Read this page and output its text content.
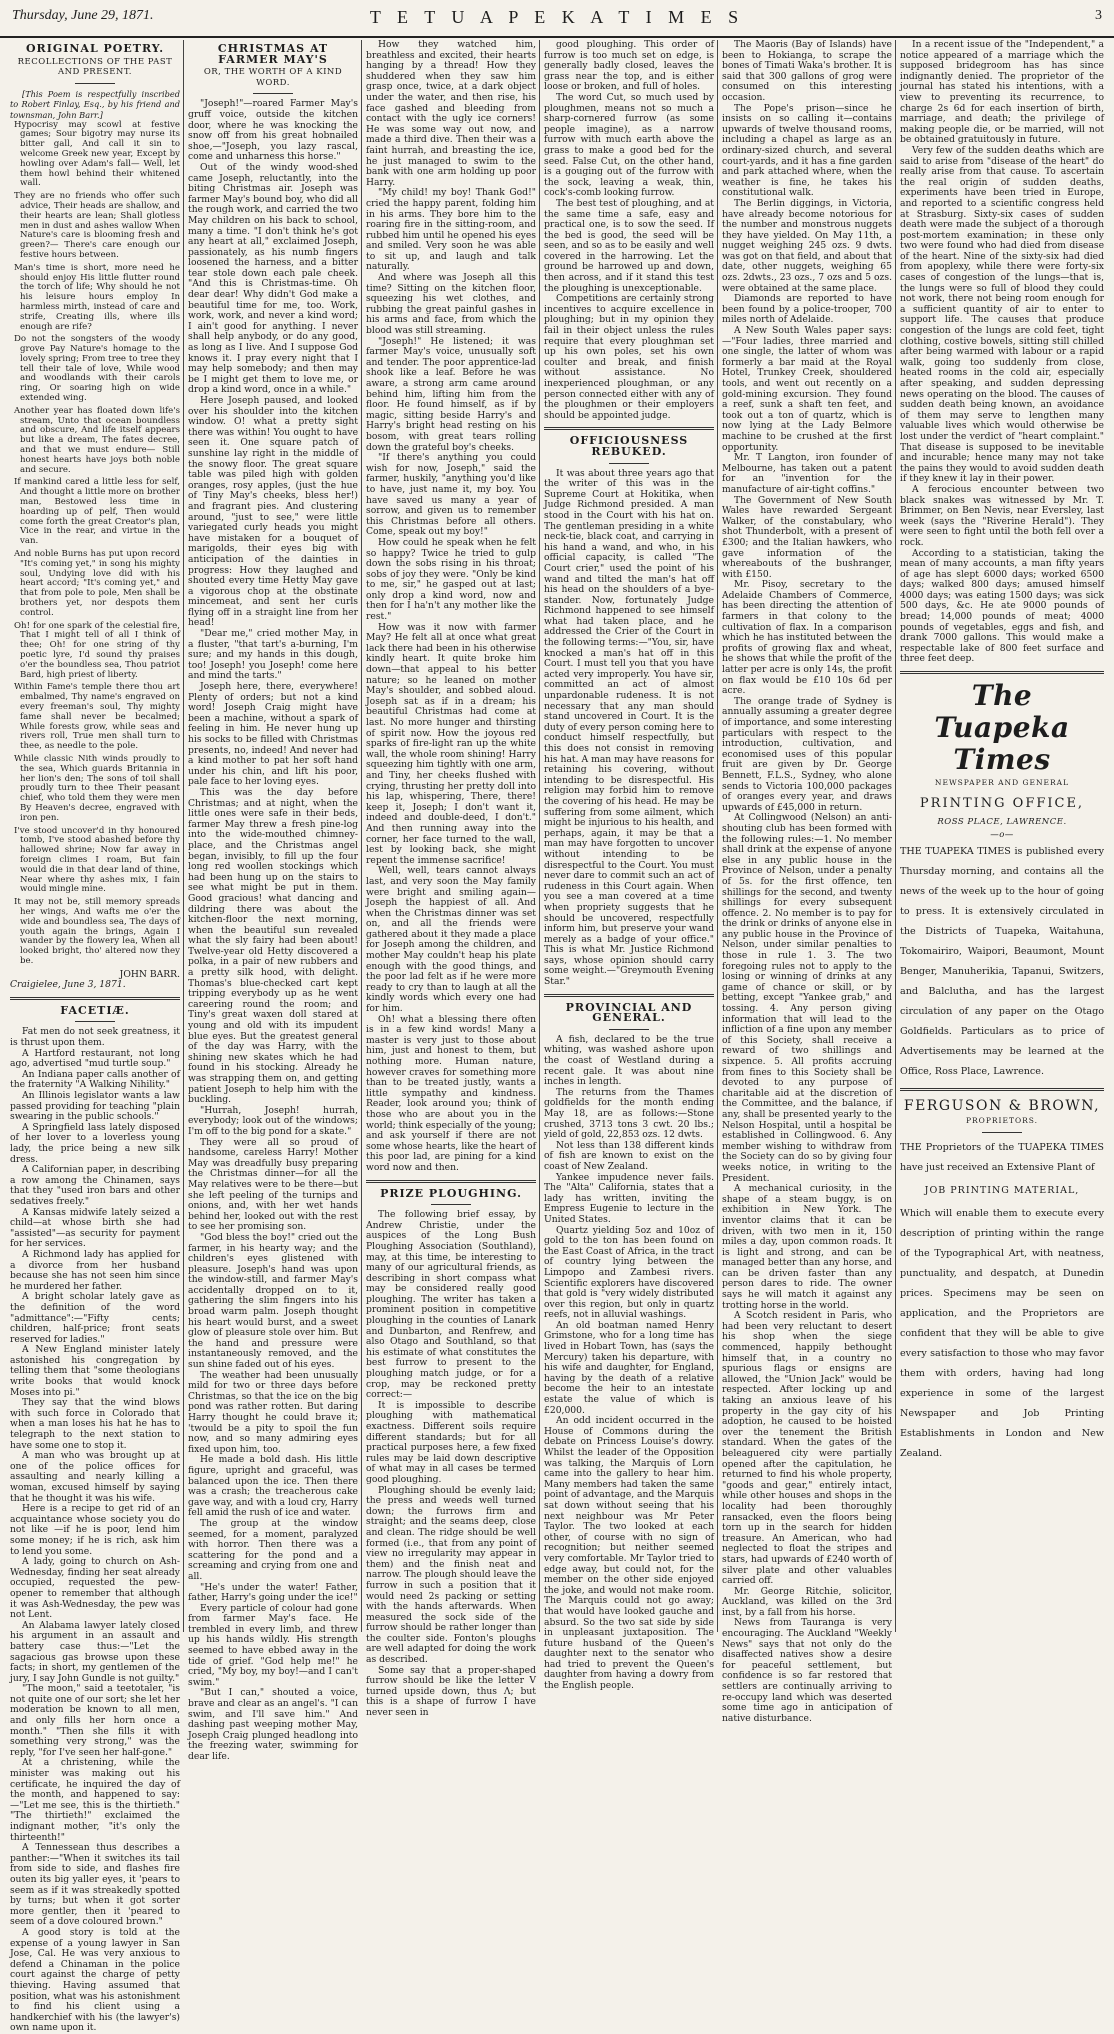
Thursday, June 29, 1871.	T E T U A P E K A T I M E S	3
ORIGINAL POETRY.
RECOLLECTIONS OF THE PAST AND PRESENT.

[This Poem is respectfully inscribed to Robert Finlay, Esq., by his friend and townsman, John Barr.]

Hypocrisy may scowl at festive games; Sour bigotry may nurse its bitter gall, And call it sin to welcome Greek new year, Except by howling over Adam's fall— Well, let them howl behind their whitened wall.

They are no friends who offer such advice, Their heads are shallow, and their hearts are lean; Shall glotless men in dust and ashes wallow When Nature's care is blooming fresh and green?— There's care enough our festive hours between.

Man's time is short, more need he should enjoy His little flutter round the torch of life; Why should he not his leisure hours employ In harmless mirth, instead of care and strife, Creating ills, where ills enough are rife?

Do not the songsters of the woody grove Pay Nature's homage to the lovely spring; From tree to tree they tell their tale of love, While wood and woodlands with their carols ring, Or soaring high on wide extended wing.

Another year has floated down life's stream, Unto that ocean boundless and obscure, And life itself appears but like a dream, The fates decree, and that we must endure— Still honest hearts have joys both noble and secure.

If mankind cared a little less for self, And thought a little more on brother man, Bestowed less time in hoarding up of pelf, Then would come forth the great Creator's plan, Vice in the rear, and virtue in the van.

And noble Burns has put upon record "It's coming yet," in song his mighty soul, Undying love did with his heart accord; "It's coming yet," and that from pole to pole, Men shall be brothers yet, nor despots them control.

Oh! for one spark of the celestial fire, That I might tell of all I think of thee; Oh! for one string of thy poetic lyre, I'd sound thy praises o'er the boundless sea, Thou patriot Bard, high priest of liberty.

Within Fame's temple there thou art embalmed, Thy name's engraved on every freeman's soul, Thy mighty fame shall never be becalmed; While forests grow, while seas and rivers roll, True men shall turn to thee, as needle to the pole.

While classic Nith winds proudly to the sea, Which guards Britannia in her lion's den; The sons of toil shall proudly turn to thee Their peasant chief, who told them they were men By Heaven's decree, engraved with iron pen.

I've stood uncover'd in thy honoured tomb, I've stood abashed before thy hallowed shrine; Now far away in foreign climes I roam, But fain would die in that dear land of thine, Near where thy ashes mix, I fain would mingle mine.

It may not be, still memory spreads her wings, And wafts me o'er the wide and boundless sea, The days of youth again the brings, Again I wander by the flowery lea, When all looked bright, tho' altered now they be.

JOHN BARR.

Craigielee, June 3, 1871.

FACETIÆ.

Fat men do not seek greatness, it is thrust upon them.

A Hartford restaurant, not long ago, advertised "mud turtle soup."

An Indiana paper calls another of the fraternity "A Walking Nihility."

An Illinois legislator wants a law passed providing for teaching "plain swearing in the public schools."

A Springfield lass lately disposed of her lover to a loverless young lady, the price being a new silk dress.

A Californian paper, in describing a row among the Chinamen, says that they "used iron bars and other sedatives freely."

A Kansas midwife lately seized a child—at whose birth she had "assisted"—as security for payment for her services.

A Richmond lady has applied for a divorce from her husband because she has not seen him since he murdered her father.

A bright scholar lately gave as the definition of the word "admittance":—"Fifty cents; children, half-price; front seats reserved for ladies."

A New England minister lately astonished his congregation by telling them that "some theologians write books that would knock Moses into pi."

They say that the wind blows with such force in Colorado that when a man loses his hat he has to telegraph to the next station to have some one to stop it.

A man who was brought up at one of the police offices for assaulting and nearly killing a woman, excused himself by saying that he thought it was his wife.

Here is a recipe to get rid of an acquaintance whose society you do not like —if he is poor, lend him some money; if he is rich, ask him to lend you some.

A lady, going to church on Ash-Wednesday, finding her seat already occupied, requested the pew-opener to remember that although it was Ash-Wednesday, the pew was not Lent.

An Alabama lawyer lately closed his argument in an assault and battery case thus:—"Let the sagacious gas browse upon these facts; in short, my gentlemen of the jury, I say John Gundle is not guilty."

"The moon," said a teetotaler, "is not quite one of our sort; she let her moderation be known to all men, and only fills her horn once a month." "Then she fills it with something very strong," was the reply, "for I've seen her half-gone."

At a christening, while the minister was making out his certificate, he inquired the day of the month, and happened to say:—"Let me see, this is the thirtieth." "The thirtieth!" exclaimed the indignant mother, "it's only the thirteenth!"

A Tennessean thus describes a panther:—"When it switches its tail from side to side, and flashes fire outen its big yaller eyes, it 'pears to seem as if it was streakedly spotted by turns; but when it got sorter more gentler, then it 'peared to seem of a dove coloured brown."

A good story is told at the expense of a young lawyer in San Jose, Cal. He was very anxious to defend a Chinaman in the police court against the charge of petty thieving. Having assumed that position, what was his astonishment to find his client using a handkerchief with his (the lawyer's) own name upon it.

CHRISTMAS AT FARMER MAY'S
OR, THE WORTH OF A KIND WORD.

"Joseph!"—roared Farmer May's gruff voice, outside the kitchen door, where he was knocking the snow off from his great hobnailed shoe,—"Joseph, you lazy rascal, come and unharness this horse."

Out of the windy wood-shed came Joseph, reluctantly, into the biting Christmas air. Joseph was farmer May's bound boy, who did all the rough work, and carried the two May children on his back to school, many a time. "I don't think he's got any heart at all," exclaimed Joseph, passionately, as his numb fingers loosened the harness, and a bitter tear stole down each pale cheek. "And this is Christmas-time. Oh dear dear! Why didn't God make a beautiful time for me, too. Work, work, work, and never a kind word; I ain't good for anything. I never shall help anybody, or do any good, as long as I live. And I suppose God knows it. I pray every night that I may help somebody; and then may be I might get them to love me, or drop a kind word, once in a while."

Here Joseph paused, and looked over his shoulder into the kitchen window. O! what a pretty sight there was within! You ought to have seen it. One square patch of sunshine lay right in the middle of the snowy floor. The great square table was piled high with golden oranges, rosy apples, (just the hue of Tiny May's cheeks, bless her!) and fragrant pies. And clustering around, "just to see," were little variegated curly heads you might have mistaken for a bouquet of marigolds, their eyes big with anticipation of the dainties in progress: How they laughed and shouted every time Hetty May gave a vigorous chop at the obstinate mincemeat, and sent her curls flying off in a straight line from her head!

"Dear me," cried mother May, in a fluster, "that tart's a-burning, I'm sure; and my hands in this dough, too! Joseph! you Joseph! come here and mind the tarts."

Joseph here, there, everywhere! Plenty of orders; but not a kind word! Joseph Craig might have been a machine, without a spark of feeling in him. He never hung up his socks to be filled with Christmas presents, no, indeed! And never had a kind mother to pat her soft hand under his chin, and lift his poor, pale face to her loving eyes.

This was the day before Christmas; and at night, when the little ones were safe in their beds, farmer May threw a fresh pine-log into the wide-mouthed chimney-place, and the Christmas angel began, invisibly, to fill up the four long red woollen stockings which had been hung up on the stairs to see what might be put in them. Good gracious! what dancing and dildring there was about the kitchen-floor the next morning, when the beautiful sun revealed what the sly fairy had been about! Twelve-year old Hetty discovered a polka, in a pair of new rubbers and a pretty silk hood, with delight. Thomas's blue-checked cart kept tripping everybody up as he went careering round the room; and Tiny's great waxen doll stared at young and old with its impudent blue eyes. But the greatest general of the day was Harry, with the shining new skates which he had found in his stocking. Already he was strapping them on, and getting patient Joseph to help him with the buckling.

"Hurrah, Joseph! hurrah, everybody; look out of the windows; I'm off to the big pond for a skate."

They were all so proud of handsome, careless Harry! Mother May was dreadfully busy preparing the Christmas dinner—for all the May relatives were to be there—but she left peeling of the turnips and onions, and, with her wet hands behind her, looked out with the rest to see her promising son.

"God bless the boy!" cried out the farmer, in his hearty way; and the children's eyes glistened with pleasure. Joseph's hand was upon the window-still, and farmer May's accidentally dropped on to it, gathering the slim fingers into his broad warm palm. Joseph thought his heart would burst, and a sweet glow of pleasure stole over him. But the hand and pressure were instantaneously removed, and the sun shine faded out of his eyes.

The weather had been unusually mild for two or three days before Christmas, so that the ice on the big pond was rather rotten. But daring Harry thought he could brave it; 'twould be a pity to spoil the fun now, and so many admiring eyes fixed upon him, too.

He made a bold dash. His little figure, upright and graceful, was balanced upon the ice. Then there was a crash; the treacherous cake gave way, and with a loud cry, Harry fell amid the rush of ice and water.

The group at the window seemed, for a moment, paralyzed with horror. Then there was a scattering for the pond and a screaming and crying from one and all.

"He's under the water! Father, father, Harry's going under the ice!"

Every particle of colour had gone from farmer May's face. He trembled in every limb, and threw up his hands wildly. His strength seemed to have ebbed away in the tide of grief. "God help me!" he cried, "My boy, my boy!—and I can't swim."

"But I can," shouted a voice, brave and clear as an angel's. "I can swim, and I'll save him." And dashing past weeping mother May, Joseph Craig plunged headlong into the freezing water, swimming for dear life.

How they watched him, breathless and excited, their hearts hanging by a thread! How they shuddered when they saw him grasp once, twice, at a dark object under the water, and then rise, his face gashed and bleeding from contact with the ugly ice corners! He was some way out now, and made a third dive. Then their was a faint hurrah, and breasting the ice, he just managed to swim to the bank with one arm holding up poor Harry.

"My child! my boy! Thank God!" cried the happy parent, folding him in his arms. They bore him to the roaring fire in the sitting-room, and rubbed him until he opened his eyes and smiled. Very soon he was able to sit up, and laugh and talk naturally.

And where was Joseph all this time? Sitting on the kitchen floor, squeezing his wet clothes, and rubbing the great painful gashes in his arms and face, from which the blood was still streaming.

"Joseph!" He listened; it was farmer May's voice, unusually soft and tender. The poor apprentice-lad shook like a leaf. Before he was aware, a strong arm came around behind him, lifting him from the floor. He found himself, as if by magic, sitting beside Harry's and Harry's bright head resting on his bosom, with great tears rolling down the grateful boy's cheeks.

"If there's anything you could wish for now, Joseph," said the farmer, huskily, "anything you'd like to have, just name it, my boy. You have saved us many a year of sorrow, and given us to remember this Christmas before all others. Come, speak out my boy!"

How could he speak when he felt so happy? Twice he tried to gulp down the sobs rising in his throat; sobs of joy they were. "Only be kind to me, sir," he gasped out at last; only drop a kind word, now and then for I ha'n't any mother like the rest."

How was it now with farmer May? He felt all at once what great lack there had been in his otherwise kindly heart. It quite broke him down—that appeal to his better nature; so he leaned on mother May's shoulder, and sobbed aloud. Joseph sat as if in a dream; his beautiful Christmas had come at last. No more hunger and thirsting of spirit now. How the joyous red sparks of fire-light ran up the white wall, the whole room shining! Harry squeezing him tightly with one arm, and Tiny, her cheeks flushed with crying, thrusting her pretty doll into his lap, whispering, There, there! keep it, Joseph; I don't want it, indeed and double-deed, I don't." And then running away into the corner, her face turned to the wall, lest by looking back, she might repent the immense sacrifice!

Well, well, tears cannot always last, and very soon the May family were bright and smiling again—Joseph the happiest of all. And when the Christmas dinner was set on, and all the friends were gathered about it they made a place for Joseph among the children, and mother May couldn't heap his plate enough with the good things, and the poor lad felt as if he were more ready to cry than to laugh at all the kindly words which every one had for him.

Oh! what a blessing there often is in a few kind words! Many a master is very just to those about him, just and honest to them, but nothing more. Human nature, however craves for something more than to be treated justly, wants a little sympathy and kindness. Reader, look around you; think of those who are about you in the world; think especially of the young; and ask yourself if there are not some whose hearts, like the heart of this poor lad, are pining for a kind word now and then.

PRIZE PLOUGHING.

The following brief essay, by Andrew Christie, under the auspices of the Long Bush Ploughing Association (Southland), may, at this time, be interesting to many of our agricultural friends, as describing in short compass what may be considered really good ploughing. The writer has taken a prominent position in competitive ploughing in the counties of Lanark and Dunbarton, and Renfrew, and also Otago and Southland, so that his estimate of what constitutes the best furrow to present to the ploughing match judge, or for a crop, may be reckoned pretty correct:—

It is impossible to describe ploughing with mathematical exactness. Different soils require different standards; but for all practical purposes here, a few fixed rules may be laid down descriptive of what may in all cases be termed good ploughing.

Ploughing should be evenly laid; the press and weeds well turned down; the furrows firm and straight; and the seams deep, close and clean. The ridge should be well formed (i.e., that from any point of view no irregularity may appear in them) and the finish neat and narrow. The plough should leave the furrow in such a position that it would need 2s packing or setting with the hands afterwards. When measured the sock side of the furrow should be rather longer than the coulter side. Fonton's ploughs are well adapted for doing the work as described.

Some say that a proper-shaped furrow should be like the letter V turned upside down, thus Λ; but this is a shape of furrow I have never seen in

good ploughing. This order of furrow is too much set on edge, is generally badly closed, leaves the grass near the top, and is either loose or broken, and full of holes.

The word Cut, so much used by ploughmen, means not so much a sharp-cornered furrow (as some people imagine), as a narrow furrow with much earth above the grass to make a good bed for the seed. False Cut, on the other hand, is a gouging out of the furrow with the sock, leaving a weak, thin, cock's-comb looking furrow.

The best test of ploughing, and at the same time a safe, easy and practical one, is to sow the seed. If the bed is good, the seed will be seen, and so as to be easily and well covered in the harrowing. Let the ground be harrowed up and down, then across, and if it stand this test the ploughing is unexceptionable.

Competitions are certainly strong incentives to acquire excellence in ploughing; but in my opinion they fail in their object unless the rules require that every ploughman set up his own poles, set his own coulter and break, and finish without assistance. No inexperienced ploughman, or any person connected either with any of the ploughmen or their employers should be appointed judge.

OFFICIOUSNESS REBUKED.

It was about three years ago that the writer of this was in the Supreme Court at Hokitika, when Judge Richmond presided. A man stood in the Court with his hat on. The gentleman presiding in a white neck-tie, black coat, and carrying in his hand a wand, and who, in his official capacity, is called "The Court crier," used the point of his wand and tilted the man's hat off his head on the shoulders of a bye-stander. Now, fortunately Judge Richmond happened to see himself what had taken place, and he addressed the Crier of the Court in the following terms:—"You, sir, have knocked a man's hat off in this Court. I must tell you that you have acted very improperly. You have sir, committed an act of almost unpardonable rudeness. It is not necessary that any man should stand uncovered in Court. It is the duty of every person coming here to conduct himself respectfully, but this does not consist in removing his hat. A man may have reasons for retaining his covering, without intending to be disrespectful. His religion may forbid him to remove the covering of his head. He may be suffering from some ailment, which might be injurious to his health, and perhaps, again, it may be that a man may have forgotten to uncover without intending to be disrespectful to the Court. You must never dare to commit such an act of rudeness in this Court again. When you see a man covered at a time when propriety suggests that he should be uncovered, respectfully inform him, but preserve your wand merely as a badge of your office." This is what Mr. Justice Richmond says, whose opinion should carry some weight.—"Greymouth Evening Star."

PROVINCIAL AND GENERAL.

A fish, declared to be the true whiting, was washed ashore upon the coast of Westland during a recent gale. It was about nine inches in length.

The returns from the Thames goldfields for the month ending May 18, are as follows:—Stone crushed, 3713 tons 3 cwt. 20 lbs.; yield of gold, 22,853 ozs. 12 dwts.

Not less than 138 different kinds of fish are known to exist on the coast of New Zealand.

Yankee impudence never fails. The "Alta" California, states that a lady has written, inviting the Empress Eugenie to lecture in the United States.

Quartz yielding 5oz and 10oz of gold to the ton has been found on the East Coast of Africa, in the tract of country lying between the Limpopo and Zambesi rivers. Scientific explorers have discovered that gold is "very widely distributed over this region, but only in quartz reefs, not in alluvial washings.

An old boatman named Henry Grimstone, who for a long time has lived in Hobart Town, has (says the Mercury) taken his departure, with his wife and daughter, for England, having by the death of a relative become the heir to an intestate estate the value of which is £20,000.

An odd incident occurred in the House of Commons during the debate on Princess Louise's dowry. Whilst the leader of the Opposition was talking, the Marquis of Lorn came into the gallery to hear him. Many members had taken the same point of advantage, and the Marquis sat down without seeing that his next neighbour was Mr Peter Taylor. The two looked at each other, of course with no sign of recognition; but neither seemed very comfortable. Mr Taylor tried to edge away, but could not, for the member on the other side enjoyed the joke, and would not make room. The Marquis could not go away; that would have looked gauche and absurd. So the two sat side by side in unpleasant juxtaposition. The future husband of the Queen's daughter next to the senator who had tried to prevent the Queen's daughter from having a dowry from the English people.

The Maoris (Bay of Islands) have been to Hokianga, to scrape the bones of Timati Waka's brother. It is said that 300 gallons of grog were consumed on this interesting occasion.

The Pope's prison—since he insists on so calling it—contains upwards of twelve thousand rooms, including a chapel as large as an ordinary-sized church, and several court-yards, and it has a fine garden and park attached where, when the weather is fine, he takes his constitutional walk.

The Berlin diggings, in Victoria, have already become notorious for the number and monstrous nuggets they have yielded. On May 11th, a nugget weighing 245 ozs. 9 dwts. was got on that field, and about that date, other nuggets, weighing 65 ozs. 2dwts., 23 ozs., 7 ozs and 5 ozs. were obtained at the same place.

Diamonds are reported to have been found by a police-trooper, 700 miles north of Adelaide.

A New South Wales paper says:—"Four ladies, three married and one single, the latter of whom was formerly a bar maid at the Royal Hotel, Trunkey Creek, shouldered tools, and went out recently on a gold-mining excursion. They found a reef, sunk a shaft ten feet, and took out a ton of quartz, which is now lying at the Lady Belmore machine to be crushed at the first opportunity.

Mr. T Langton, iron founder of Melbourne, has taken out a patent for an "invention for the manufacture of air-tight coffins."

The Government of New South Wales have rewarded Sergeant Walker, of the constabulary, who shot Thunderbolt, with a present of £300; and the Italian hawkers, who gave information of the whereabouts of the bushranger, with £150.

Mr. Pisoy, secretary to the Adelaide Chambers of Commerce, has been directing the attention of farmers in that colony to the cultivation of flax. In a comparison which he has instituted between the profits of growing flax and wheat, he shows that while the profit of the latter per acre is only 14s, the profit on flax would be £10 10s 6d per acre.

The orange trade of Sydney is annually assuming a greater degree of importance, and some interesting particulars with respect to the introduction, cultivation, and economised uses of this popular fruit are given by Dr. George Bennett, F.L.S., Sydney, who alone sends to Victoria 100,000 packages of oranges every year, and draws upwards of £45,000 in return.

At Collingwood (Nelson) an anti-shouting club has been formed with the following rules:—1. No member shall drink at the expense of anyone else in any public house in the Province of Nelson, under a penalty of 5s. for the first offence, ten shillings for the second, and twenty shillings for every subsequent offence. 2. No member is to pay for the drink or drinks of anyone else in any public house in the Province of Nelson, under similar penalties to those in rule 1. 3. The two foregoing rules not to apply to the losing or winning of drinks at any game of chance or skill, or by betting, except "Yankee grab," and tossing. 4. Any person giving information that will lead to the infliction of a fine upon any member of this Society, shall receive a reward of two shillings and sixpence. 5. All profits accruing from fines to this Society shall be devoted to any purpose of charitable aid at the discretion of the Committee, and the balance, if any, shall be presented yearly to the Nelson Hospital, until a hospital be established in Collingwood. 6. Any member wishing to withdraw from the Society can do so by giving four weeks notice, in writing to the President.

A mechanical curiosity, in the shape of a steam buggy, is on exhibition in New York. The inventor claims that it can be driven, with two men in it, 150 miles a day, upon common roads. It is light and strong, and can be managed better than any horse, and can be driven faster than any person dares to ride. The owner says he will match it against any trotting horse in the world.

A Scotch resident in Paris, who had been very reluctant to desert his shop when the siege commenced, happily bethought himself that, in a country no spurious flags or ensigns are allowed, the "Union Jack" would be respected. After locking up and taking an anxious leave of his property in the gay city of his adoption, he caused to be hoisted over the tenement the British standard. When the gates of the beleaguered city were partially opened after the capitulation, he returned to find his whole property, "goods and gear," entirely intact, while other houses and shops in the locality had been thoroughly ransacked, even the floors being torn up in the search for hidden treasure. An American, who had neglected to float the stripes and stars, had upwards of £240 worth of silver plate and other valuables carried off.

Mr. George Ritchie, solicitor, Auckland, was killed on the 3rd inst, by a fall from his horse.

News from Tauranga is very encouraging. The Auckland "Weekly News" says that not only do the disaffected natives show a desire for peaceful settlement, but confidence is so far restored that settlers are continually arriving to re-occupy land which was deserted some time ago in anticipation of native disturbance.

In a recent issue of the "Independent," a notice appeared of a marriage which the supposed bridegroom has has since indignantly denied. The proprietor of the journal has stated his intentions, with a view to preventing its recurrence, to charge 2s 6d for each insertion of birth, marriage, and death; the privilege of making people die, or be married, will not be obtained gratuitously in future.

Very few of the sudden deaths which are said to arise from "disease of the heart" do really arise from that cause. To ascertain the real origin of sudden deaths, experiments have been tried in Europe, and reported to a scientific congress held at Strasburg. Sixty-six cases of sudden death were made the subject of a thorough post-mortem examination; in these only two were found who had died from disease of the heart. Nine of the sixty-six had died from apoplexy, while there were forty-six cases of congestion of the lungs—that is, the lungs were so full of blood they could not work, there not being room enough for a sufficient quantity of air to enter to support life. The causes that produce congestion of the lungs are cold feet, tight clothing, costive bowels, sitting still chilled after being warmed with labour or a rapid walk, going too suddenly from close, heated rooms in the cold air, especially after speaking, and sudden depressing news operating on the blood. The causes of sudden death being known, an avoidance of them may serve to lengthen many valuable lives which would otherwise be lost under the verdict of "heart complaint." That disease is supposed to be inevitable and incurable; hence many may not take the pains they would to avoid sudden death if they knew it lay in their power.

A ferocious encounter between two black snakes was witnessed by Mr. T. Brimmer, on Ben Nevis, near Eversley, last week (says the "Riverine Herald"). They were seen to fight until the both fell over a rock.

According to a statistician, taking the mean of many accounts, a man fifty years of age has slept 6000 days; worked 6500 days; walked 800 days; amused himself 4000 days; was eating 1500 days; was sick 500 days, &c. He ate 9000 pounds of bread; 14,000 pounds of meat; 4000 pounds of vegetables, eggs and fish, and drank 7000 gallons. This would make a respectable lake of 800 feet surface and three feet deep.

The Tuapeka Times
NEWSPAPER AND GENERAL
PRINTING OFFICE,
ROSS PLACE, LAWRENCE.
—o—
THE TUAPEKA TIMES is published every Thursday morning, and contains all the news of the week up to the hour of going to press. It is extensively circulated in the Districts of Tuapeka, Waitahuna, Tokomairiro, Waipori, Beaumont, Mount Benger, Manuherikia, Tapanui, Switzers, and Balclutha, and has the largest circulation of any paper on the Otago Goldfields. Particulars as to price of Advertisements may be learned at the Office, Ross Place, Lawrence.
FERGUSON & BROWN,
PROPRIETORS.
THE Proprietors of the TUAPEKA TIMES have just received an Extensive Plant of
JOB PRINTING MATERIAL,
Which will enable them to execute every description of printing within the range of the Typographical Art, with neatness, punctuality, and despatch, at Dunedin prices. Specimens may be seen on application, and the Proprietors are confident that they will be able to give every satisfaction to those who may favor them with orders, having had long experience in some of the largest Newspaper and Job Printing Establishments in London and New Zealand.
